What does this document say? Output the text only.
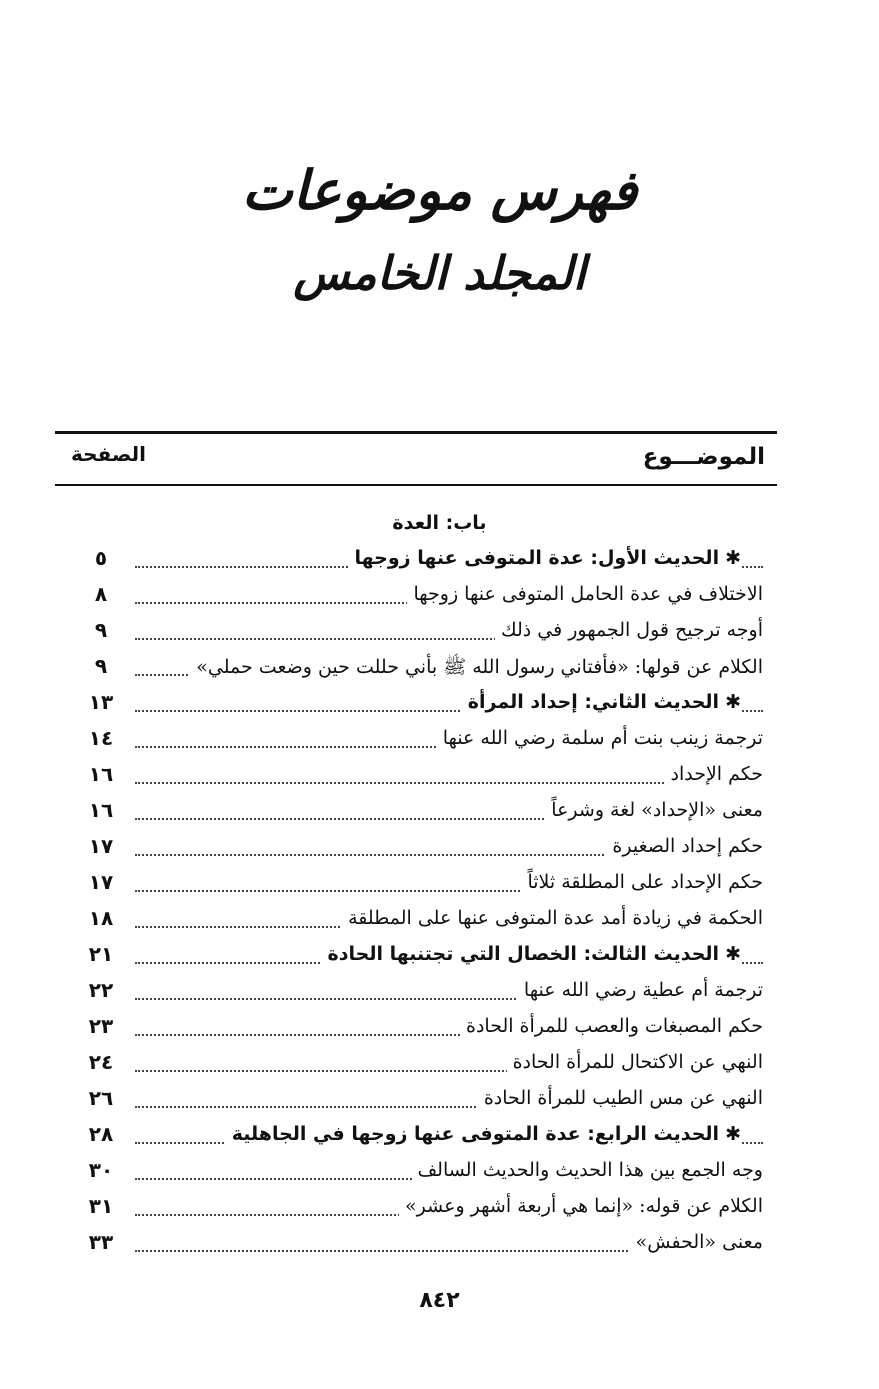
فهرس موضوعات
المجلد الخامس
الموضـــوع
الصفحة
باب: العدة
✱الحديث الأول: عدة المتوفى عنها زوجها
٥
الاختلاف في عدة الحامل المتوفى عنها زوجها
٨
أوجه ترجيح قول الجمهور في ذلك
٩
الكلام عن قولها: «فأفتاني رسول الله ﷺ بأني حللت حين وضعت حملي»
٩
✱الحديث الثاني: إحداد المرأة
١٣
ترجمة زينب بنت أم سلمة رضي الله عنها
١٤
حكم الإحداد
١٦
معنى «الإحداد» لغة وشرعاً
١٦
حكم إحداد الصغيرة
١٧
حكم الإحداد على المطلقة ثلاثاً
١٧
الحكمة في زيادة أمد عدة المتوفى عنها على المطلقة
١٨
✱الحديث الثالث: الخصال التي تجتنبها الحادة
٢١
ترجمة أم عطية رضي الله عنها
٢٢
حكم المصبغات والعصب للمرأة الحادة
٢٣
النهي عن الاكتحال للمرأة الحادة
٢٤
النهي عن مس الطيب للمرأة الحادة
٢٦
✱الحديث الرابع: عدة المتوفى عنها زوجها في الجاهلية
٢٨
وجه الجمع بين هذا الحديث والحديث السالف
٣٠
الكلام عن قوله: «إنما هي أربعة أشهر وعشر»
٣١
معنى «الحفش»
٣٣
٨٤٢
